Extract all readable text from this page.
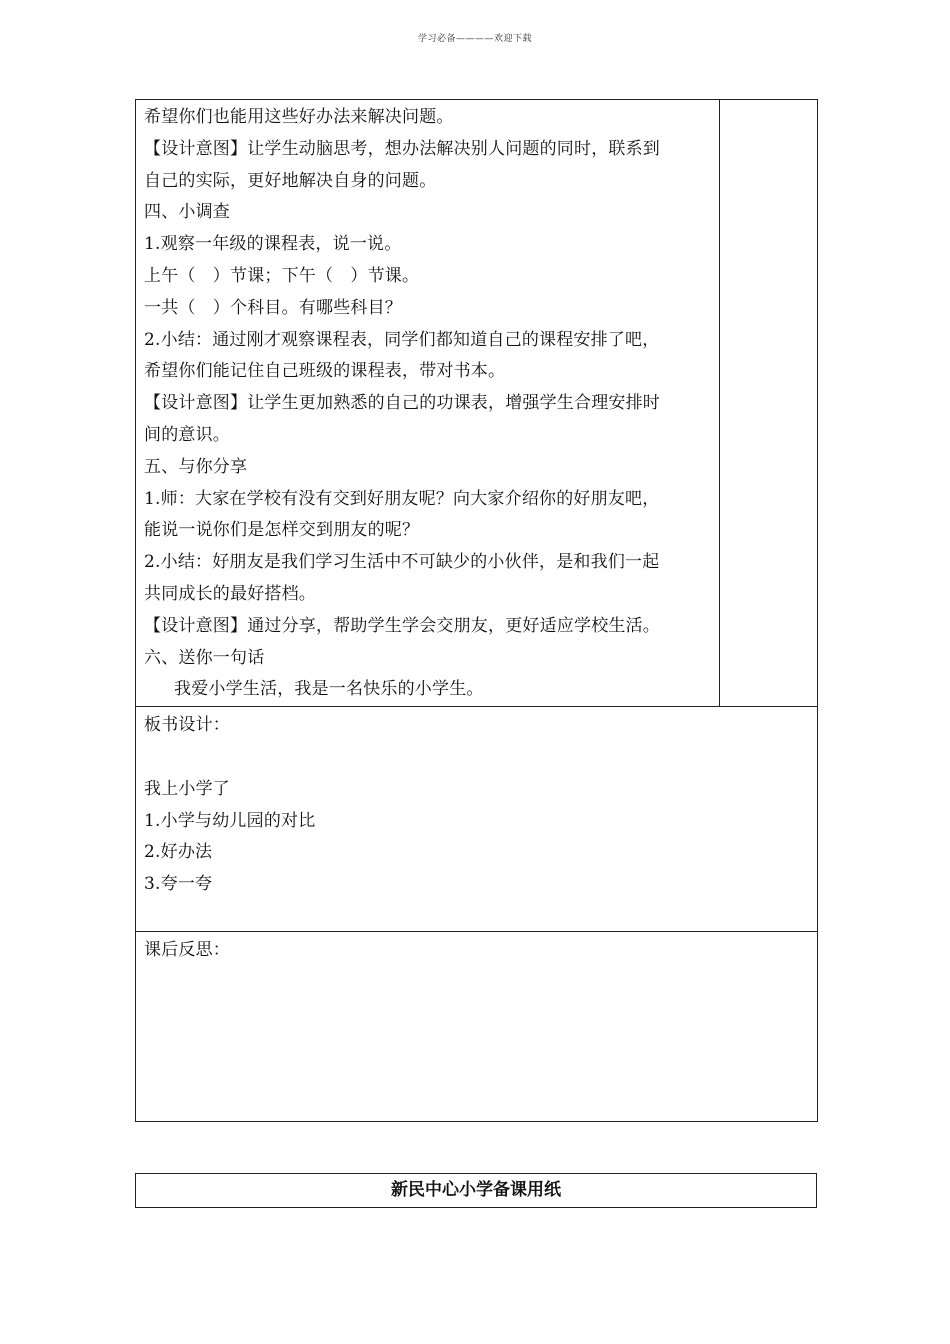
学习必备————欢迎下载
希望你们也能用这些好办法来解决问题。
【设计意图】让学生动脑思考，想办法解决别人问题的同时，联系到
自己的实际，更好地解决自身的问题。
四、小调查
1.观察一年级的课程表，说一说。
上午（　）节课；下午（　）节课。
一共（　）个科目。有哪些科目？
2.小结：通过刚才观察课程表，同学们都知道自己的课程安排了吧，
希望你们能记住自己班级的课程表，带对书本。
【设计意图】让学生更加熟悉的自己的功课表，增强学生合理安排时
间的意识。
五、与你分享
1.师：大家在学校有没有交到好朋友呢？向大家介绍你的好朋友吧，
能说一说你们是怎样交到朋友的呢？
2.小结：好朋友是我们学习生活中不可缺少的小伙伴，是和我们一起
共同成长的最好搭档。
【设计意图】通过分享，帮助学生学会交朋友，更好适应学校生活。
六、送你一句话
我爱小学生活，我是一名快乐的小学生。

板书设计：
我上小学了
1.小学与幼儿园的对比
2.好办法
3.夸一夸

课后反思：
新民中心小学备课用纸
